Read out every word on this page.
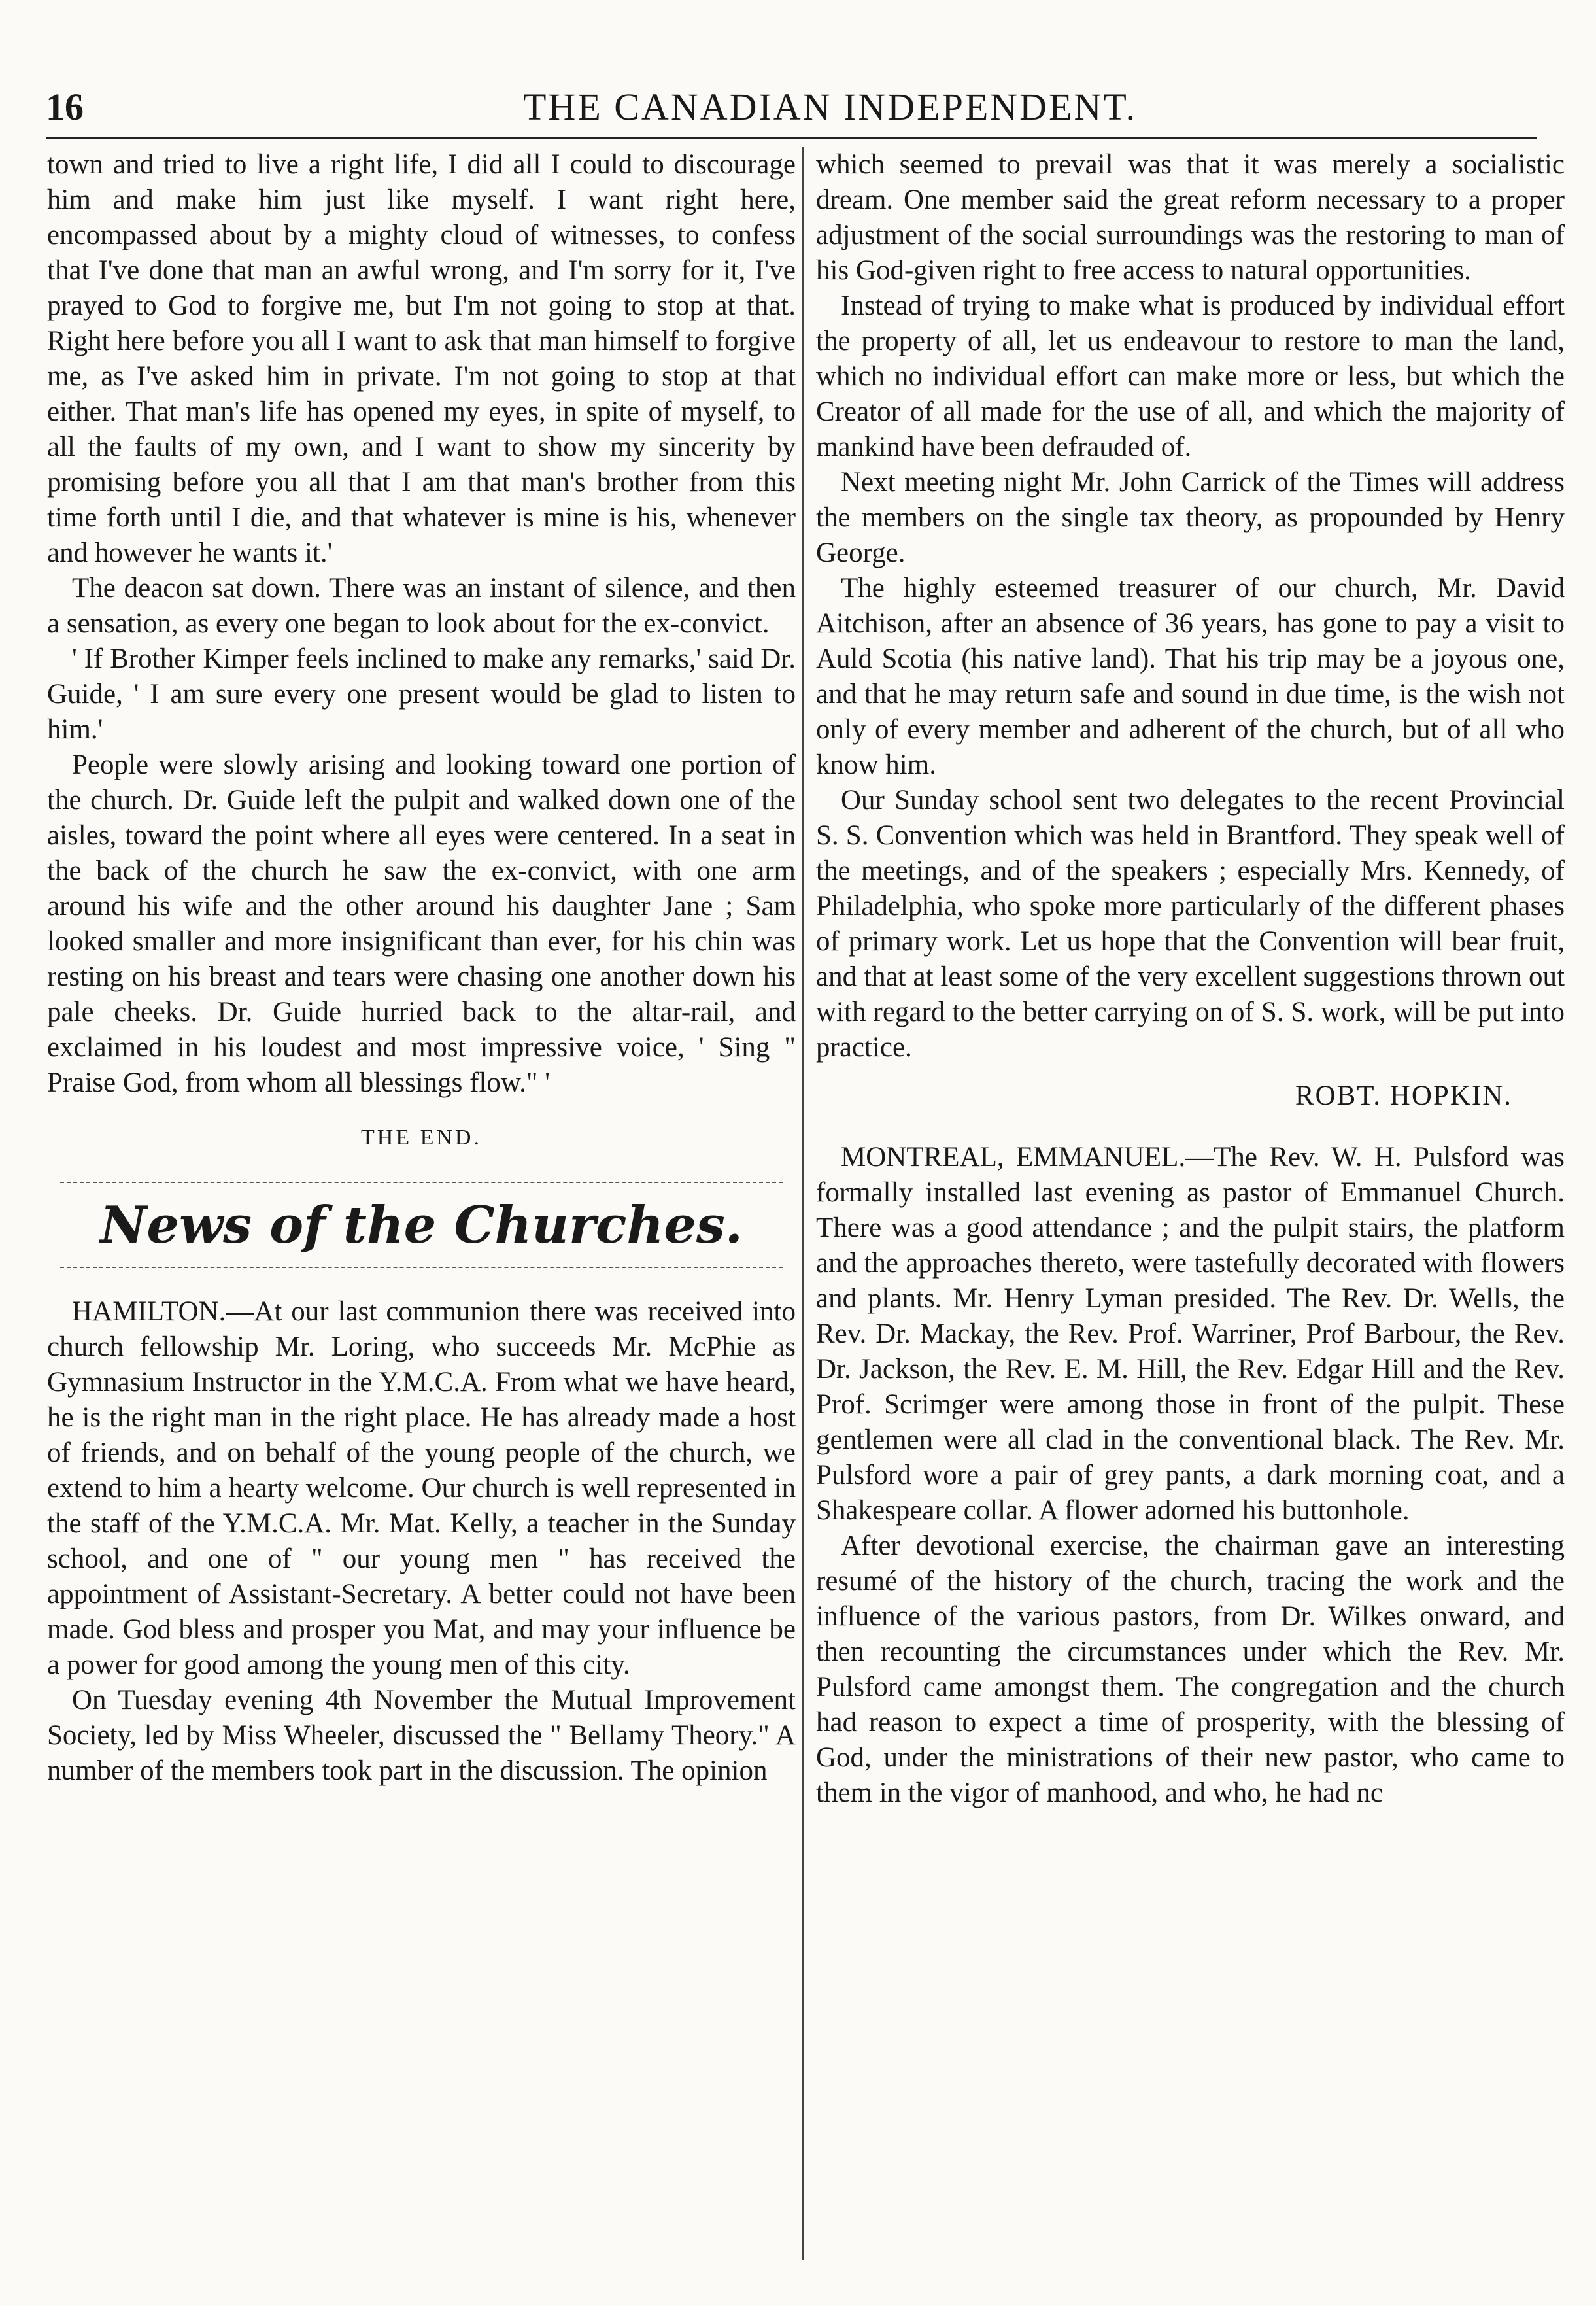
16	THE CANADIAN INDEPENDENT.

town and tried to live a right life, I did all I could to discourage him and make him just like myself. I want right here, encompassed about by a mighty cloud of witnesses, to confess that I've done that man an awful wrong, and I'm sorry for it, I've prayed to God to forgive me, but I'm not going to stop at that. Right here before you all I want to ask that man himself to forgive me, as I've asked him in private. I'm not going to stop at that either. That man's life has opened my eyes, in spite of myself, to all the faults of my own, and I want to show my sincerity by promising before you all that I am that man's brother from this time forth until I die, and that whatever is mine is his, whenever and however he wants it.'

The deacon sat down. There was an instant of silence, and then a sensation, as every one began to look about for the ex-convict.

' If Brother Kimper feels inclined to make any remarks,' said Dr. Guide, ' I am sure every one present would be glad to listen to him.'

People were slowly arising and looking toward one portion of the church. Dr. Guide left the pulpit and walked down one of the aisles, toward the point where all eyes were centered. In a seat in the back of the church he saw the ex-convict, with one arm around his wife and the other around his daughter Jane ; Sam looked smaller and more insignificant than ever, for his chin was resting on his breast and tears were chasing one another down his pale cheeks. Dr. Guide hurried back to the altar-rail, and exclaimed in his loudest and most impressive voice, ' Sing " Praise God, from whom all blessings flow." '

THE END.
News of the Churches.

HAMILTON.—At our last communion there was received into church fellowship Mr. Loring, who succeeds Mr. McPhie as Gymnasium Instructor in the Y.M.C.A. From what we have heard, he is the right man in the right place. He has already made a host of friends, and on behalf of the young people of the church, we extend to him a hearty welcome. Our church is well represented in the staff of the Y.M.C.A. Mr. Mat. Kelly, a teacher in the Sunday school, and one of " our young men " has received the appointment of Assistant-Secretary. A better could not have been made. God bless and prosper you Mat, and may your influence be a power for good among the young men of this city.

On Tuesday evening 4th November the Mutual Improvement Society, led by Miss Wheeler, discussed the " Bellamy Theory." A number of the members took part in the discussion. The opinion

which seemed to prevail was that it was merely a socialistic dream. One member said the great reform necessary to a proper adjustment of the social surroundings was the restoring to man of his God-given right to free access to natural opportunities.

Instead of trying to make what is produced by individual effort the property of all, let us endeavour to restore to man the land, which no individual effort can make more or less, but which the Creator of all made for the use of all, and which the majority of mankind have been defrauded of.

Next meeting night Mr. John Carrick of the Times will address the members on the single tax theory, as propounded by Henry George.

The highly esteemed treasurer of our church, Mr. David Aitchison, after an absence of 36 years, has gone to pay a visit to Auld Scotia (his native land). That his trip may be a joyous one, and that he may return safe and sound in due time, is the wish not only of every member and adherent of the church, but of all who know him.

Our Sunday school sent two delegates to the recent Provincial S. S. Convention which was held in Brantford. They speak well of the meetings, and of the speakers ; especially Mrs. Kennedy, of Philadelphia, who spoke more particularly of the different phases of primary work. Let us hope that the Convention will bear fruit, and that at least some of the very excellent suggestions thrown out with regard to the better carrying on of S. S. work, will be put into practice.

ROBT. HOPKIN.

MONTREAL, EMMANUEL.—The Rev. W. H. Pulsford was formally installed last evening as pastor of Emmanuel Church. There was a good attendance ; and the pulpit stairs, the platform and the approaches thereto, were tastefully decorated with flowers and plants. Mr. Henry Lyman presided. The Rev. Dr. Wells, the Rev. Dr. Mackay, the Rev. Prof. Warriner, Prof Barbour, the Rev. Dr. Jackson, the Rev. E. M. Hill, the Rev. Edgar Hill and the Rev. Prof. Scrimger were among those in front of the pulpit. These gentlemen were all clad in the conventional black. The Rev. Mr. Pulsford wore a pair of grey pants, a dark morning coat, and a Shakespeare collar. A flower adorned his buttonhole.

After devotional exercise, the chairman gave an interesting resumé of the history of the church, tracing the work and the influence of the various pastors, from Dr. Wilkes onward, and then recounting the circumstances under which the Rev. Mr. Pulsford came amongst them. The congregation and the church had reason to expect a time of prosperity, with the blessing of God, under the ministrations of their new pastor, who came to them in the vigor of manhood, and who, he had nc
